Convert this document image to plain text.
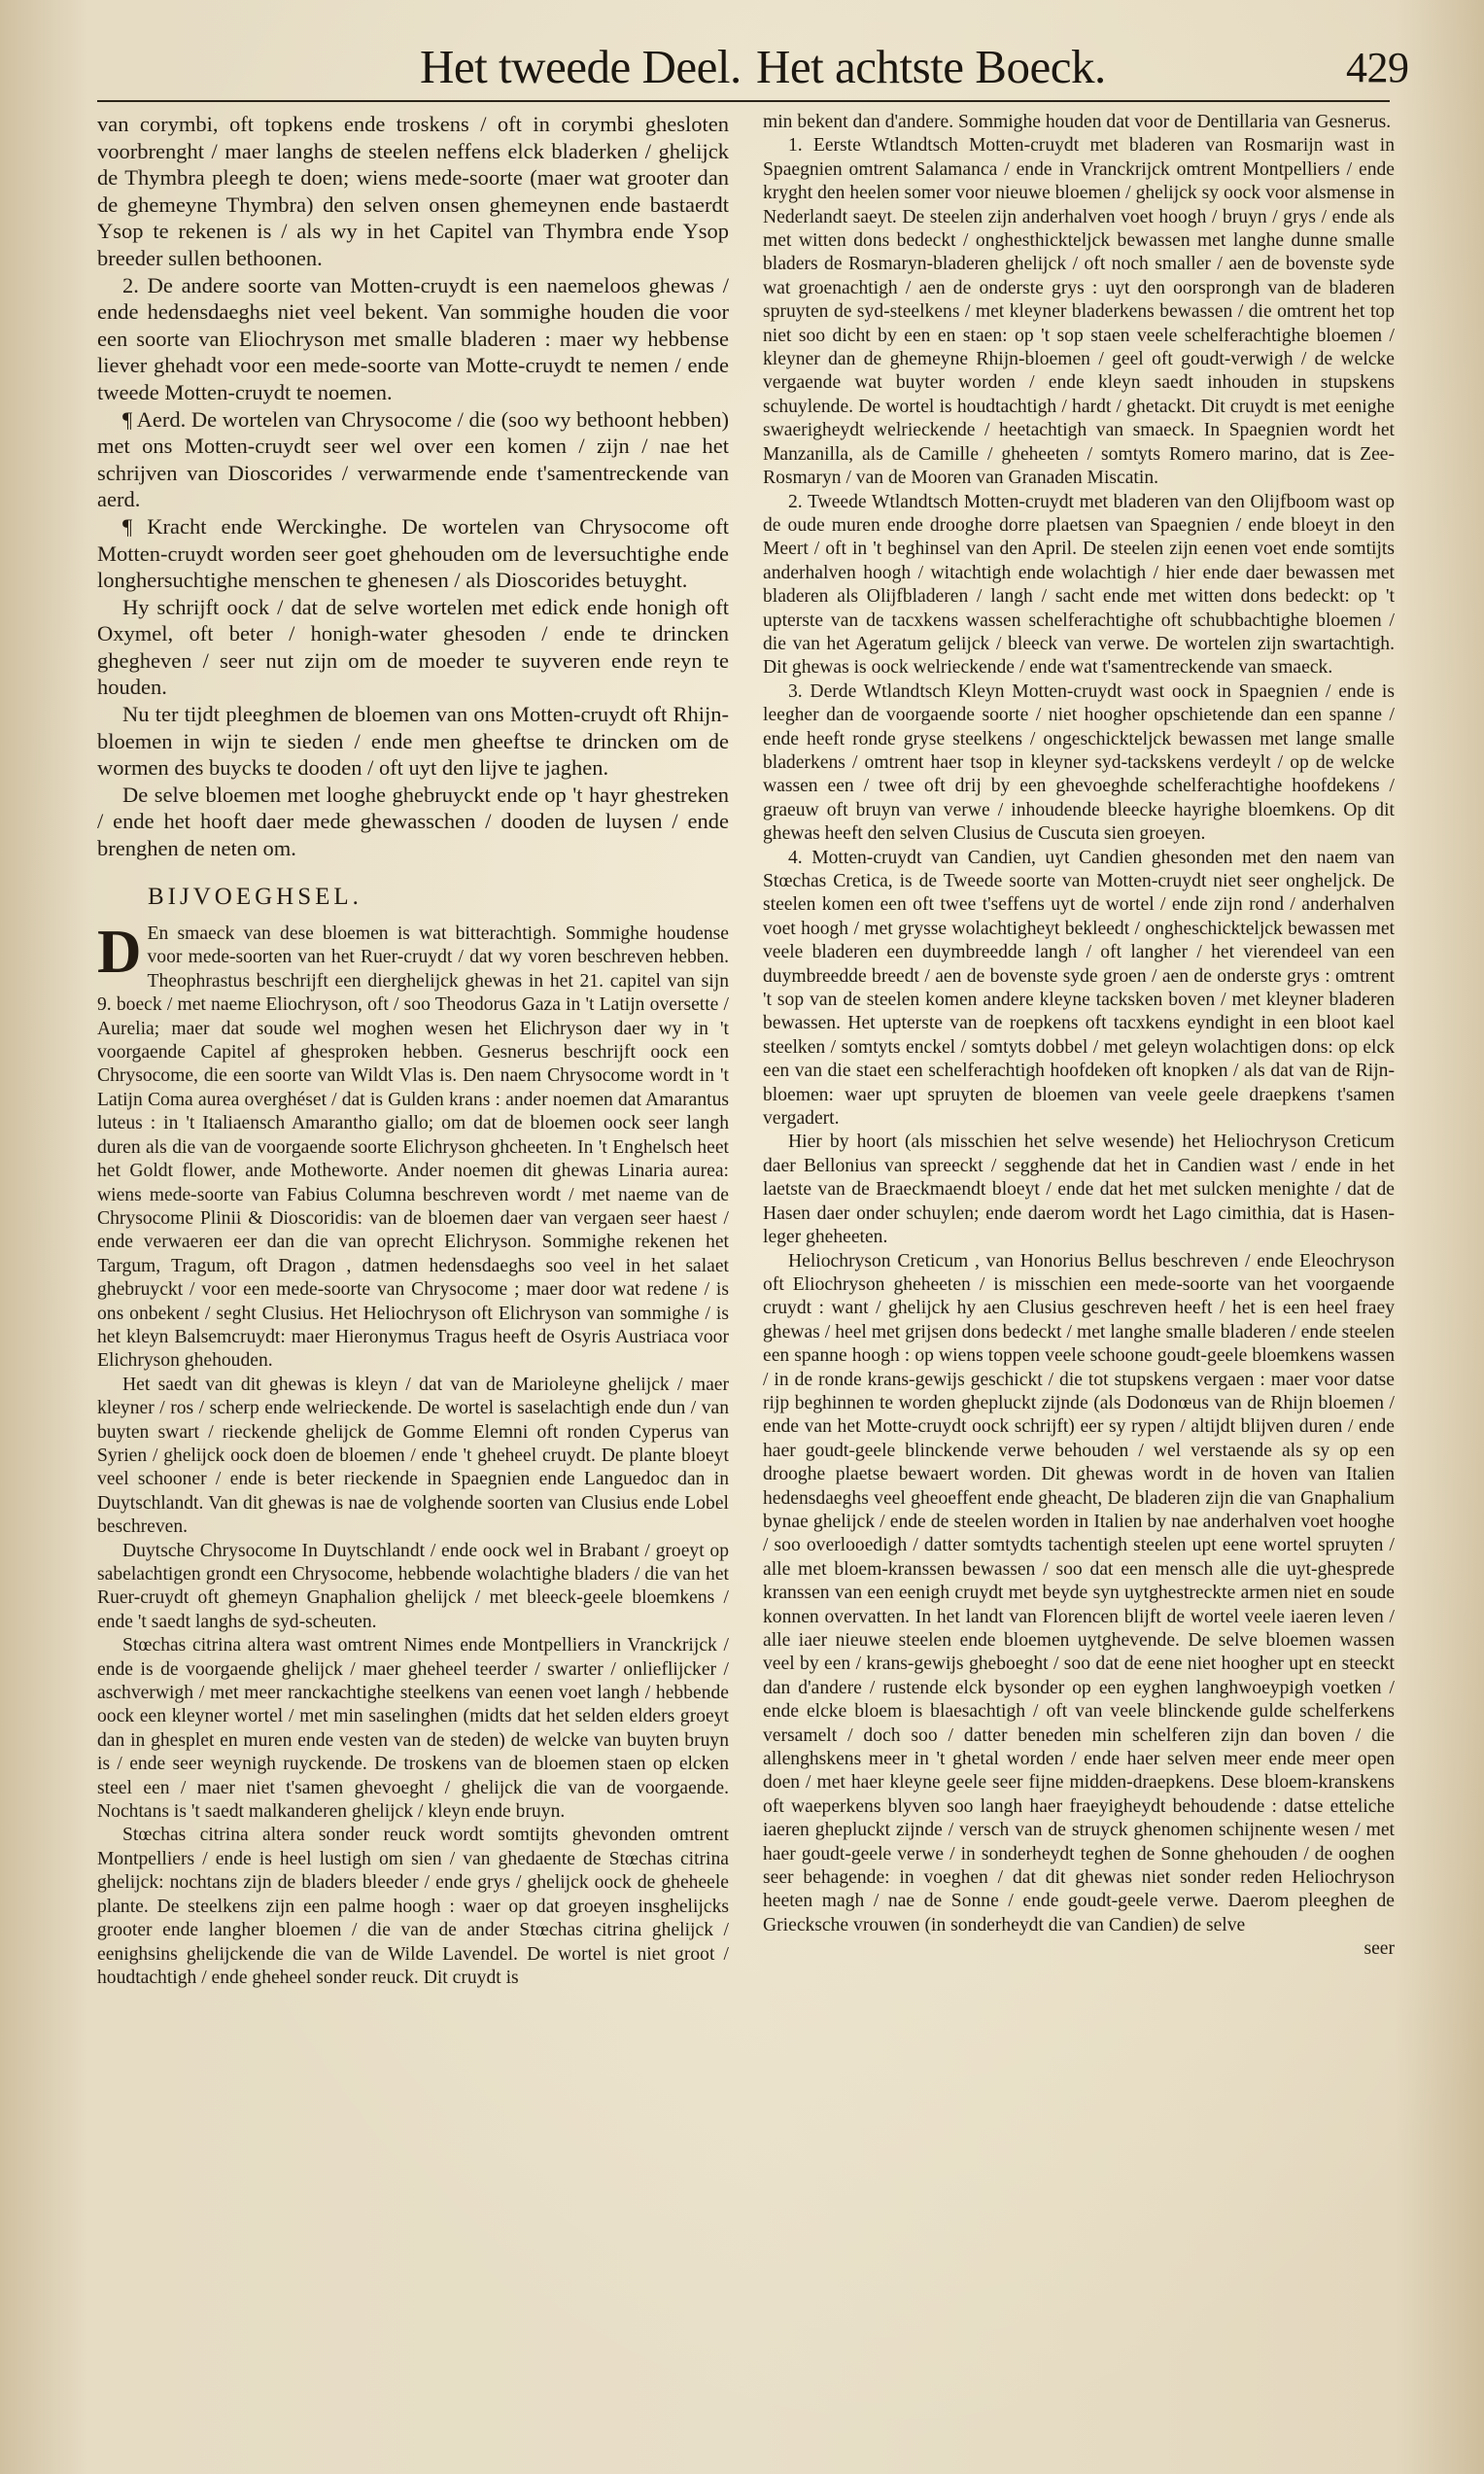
Het tweede Deel. Het achtste Boeck.	429

van corymbi, oft topkens ende troskens / oft in corymbi ghesloten voorbrenght / maer langhs de steelen neffens elck bladerken / ghelijck de Thymbra pleegh te doen; wiens mede-soorte (maer wat grooter dan de ghemeyne Thymbra) den selven onsen ghemeynen ende bastaerdt Ysop te rekenen is / als wy in het Capitel van Thymbra ende Ysop breeder sullen bethoonen.

2. De andere soorte van Motten-cruydt is een naemeloos ghewas / ende hedensdaeghs niet veel bekent. Van sommighe houden die voor een soorte van Eliochryson met smalle bladeren : maer wy hebbense liever ghehadt voor een mede-soorte van Motte-cruydt te nemen / ende tweede Motten-cruydt te noemen.

¶ Aerd. De wortelen van Chrysocome / die (soo wy bethoont hebben) met ons Motten-cruydt seer wel over een komen / zijn / nae het schrijven van Dioscorides / verwarmende ende t'samentreckende van aerd.

¶ Kracht ende Werckinghe. De wortelen van Chrysocome oft Motten-cruydt worden seer goet ghehouden om de leversuchtighe ende longhersuchtighe menschen te ghenesen / als Dioscorides betuyght.

Hy schrijft oock / dat de selve wortelen met edick ende honigh oft Oxymel, oft beter / honigh-water ghesoden / ende te drincken ghegheven / seer nut zijn om de moeder te suyveren ende reyn te houden.

Nu ter tijdt pleeghmen de bloemen van ons Motten-cruydt oft Rhijn-bloemen in wijn te sieden / ende men gheeftse te drincken om de wormen des buycks te dooden / oft uyt den lijve te jaghen.

De selve bloemen met looghe ghebruyckt ende op 't hayr ghestreken / ende het hooft daer mede ghewasschen / dooden de luysen / ende brenghen de neten om.

BIJVOEGHSEL.

D En smaeck van dese bloemen is wat bitterachtigh. Sommighe houdense voor mede-soorten van het Ruer-cruydt / dat wy voren beschreven hebben. Theophrastus beschrijft een dierghelijck ghewas in het 21. capitel van sijn 9. boeck / met naeme Eliochryson, oft / soo Theodorus Gaza in 't Latijn oversette / Aurelia; maer dat soude wel moghen wesen het Elichryson daer wy in 't voorgaende Capitel af ghesproken hebben. Gesnerus beschrijft oock een Chrysocome, die een soorte van Wildt Vlas is. Den naem Chrysocome wordt in 't Latijn Coma aurea overghéset / dat is Gulden krans : ander noemen dat Amarantus luteus : in 't Italiaensch Amarantho giallo; om dat de bloemen oock seer langh duren als die van de voorgaende soorte Elichryson ghcheeten. In 't Enghelsch heet het Goldt flower, ande Motheworte. Ander noemen dit ghewas Linaria aurea: wiens mede-soorte van Fabius Columna beschreven wordt / met naeme van de Chrysocome Plinii & Dioscoridis: van de bloemen daer van vergaen seer haest / ende verwaeren eer dan die van oprecht Elichryson. Sommighe rekenen het Targum, Tragum, oft Dragon , datmen hedensdaeghs soo veel in het salaet ghebruyckt / voor een mede-soorte van Chrysocome ; maer door wat redene / is ons onbekent / seght Clusius. Het Heliochryson oft Elichryson van sommighe / is het kleyn Balsemcruydt: maer Hieronymus Tragus heeft de Osyris Austriaca voor Elichryson ghehouden.

Het saedt van dit ghewas is kleyn / dat van de Marioleyne ghelijck / maer kleyner / ros / scherp ende welrieckende. De wortel is saselachtigh ende dun / van buyten swart / rieckende ghelijck de Gomme Elemni oft ronden Cyperus van Syrien / ghelijck oock doen de bloemen / ende 't gheheel cruydt. De plante bloeyt veel schooner / ende is beter rieckende in Spaegnien ende Languedoc dan in Duytschlandt. Van dit ghewas is nae de volghende soorten van Clusius ende Lobel beschreven.

Duytsche Chrysocome In Duytschlandt / ende oock wel in Brabant / groeyt op sabelachtigen grondt een Chrysocome, hebbende wolachtighe bladers / die van het Ruer-cruydt oft ghemeyn Gnaphalion ghelijck / met bleeck-geele bloemkens / ende 't saedt langhs de syd-scheuten.

Stœchas citrina altera wast omtrent Nimes ende Montpelliers in Vranckrijck / ende is de voorgaende ghelijck / maer gheheel teerder / swarter / onlieflijcker / aschverwigh / met meer ranckachtighe steelkens van eenen voet langh / hebbende oock een kleyner wortel / met min saselinghen (midts dat het selden elders groeyt dan in ghesplet en muren ende vesten van de steden) de welcke van buyten bruyn is / ende seer weynigh ruyckende. De troskens van de bloemen staen op elcken steel een / maer niet t'samen ghevoeght / ghelijck die van de voorgaende. Nochtans is 't saedt malkanderen ghelijck / kleyn ende bruyn.

Stœchas citrina altera sonder reuck wordt somtijts ghevonden omtrent Montpelliers / ende is heel lustigh om sien / van ghedaente de Stœchas citrina ghelijck: nochtans zijn de bladers bleeder / ende grys / ghelijck oock de gheheele plante. De steelkens zijn een palme hoogh : waer op dat groeyen insghelijcks grooter ende langher bloemen / die van de ander Stœchas citrina ghelijck / eenighsins ghelijckende die van de Wilde Lavendel. De wortel is niet groot / houdtachtigh / ende gheheel sonder reuck. Dit cruydt is

min bekent dan d'andere. Sommighe houden dat voor de Dentillaria van Gesnerus.

1. Eerste Wtlandtsch Motten-cruydt met bladeren van Rosmarijn wast in Spaegnien omtrent Salamanca / ende in Vranckrijck omtrent Montpelliers / ende kryght den heelen somer voor nieuwe bloemen / ghelijck sy oock voor alsmense in Nederlandt saeyt. De steelen zijn anderhalven voet hoogh / bruyn / grys / ende als met witten dons bedeckt / onghesthickteljck bewassen met langhe dunne smalle bladers de Rosmaryn-bladeren ghelijck / oft noch smaller / aen de bovenste syde wat groenachtigh / aen de onderste grys : uyt den oorsprongh van de bladeren spruyten de syd-steelkens / met kleyner bladerkens bewassen / die omtrent het top niet soo dicht by een en staen: op 't sop staen veele schelferachtighe bloemen / kleyner dan de ghemeyne Rhijn-bloemen / geel oft goudt-verwigh / de welcke vergaende wat buyter worden / ende kleyn saedt inhouden in stupskens schuylende. De wortel is houdtachtigh / hardt / ghetackt. Dit cruydt is met eenighe swaerigheydt welrieckende / heetachtigh van smaeck. In Spaegnien wordt het Manzanilla, als de Camille / gheheeten / somtyts Romero marino, dat is Zee-Rosmaryn / van de Mooren van Granaden Miscatin.

2. Tweede Wtlandtsch Motten-cruydt met bladeren van den Olijfboom wast op de oude muren ende drooghe dorre plaetsen van Spaegnien / ende bloeyt in den Meert / oft in 't beghinsel van den April. De steelen zijn eenen voet ende somtijts anderhalven hoogh / witachtigh ende wolachtigh / hier ende daer bewassen met bladeren als Olijfbladeren / langh / sacht ende met witten dons bedeckt: op 't upterste van de tacxkens wassen schelferachtighe oft schubbachtighe bloemen / die van het Ageratum gelijck / bleeck van verwe. De wortelen zijn swartachtigh. Dit ghewas is oock welrieckende / ende wat t'samentreckende van smaeck.

3. Derde Wtlandtsch Kleyn Motten-cruydt wast oock in Spaegnien / ende is leegher dan de voorgaende soorte / niet hoogher opschietende dan een spanne / ende heeft ronde gryse steelkens / ongeschickteljck bewassen met lange smalle bladerkens / omtrent haer tsop in kleyner syd-tackskens verdeylt / op de welcke wassen een / twee oft drij by een ghevoeghde schelferachtighe hoofdekens / graeuw oft bruyn van verwe / inhoudende bleecke hayrighe bloemkens. Op dit ghewas heeft den selven Clusius de Cuscuta sien groeyen.

4. Motten-cruydt van Candien, uyt Candien ghesonden met den naem van Stœchas Cretica, is de Tweede soorte van Motten-cruydt niet seer ongheljck. De steelen komen een oft twee t'seffens uyt de wortel / ende zijn rond / anderhalven voet hoogh / met grysse wolachtigheyt bekleedt / ongheschickteljck bewassen met veele bladeren een duymbreedde langh / oft langher / het vierendeel van een duymbreedde breedt / aen de bovenste syde groen / aen de onderste grys : omtrent 't sop van de steelen komen andere kleyne tacksken boven / met kleyner bladeren bewassen. Het upterste van de roepkens oft tacxkens eyndight in een bloot kael steelken / somtyts enckel / somtyts dobbel / met geleyn wolachtigen dons: op elck een van die staet een schelferachtigh hoofdeken oft knopken / als dat van de Rijn-bloemen: waer upt spruyten de bloemen van veele geele draepkens t'samen vergadert.

Hier by hoort (als misschien het selve wesende) het Heliochryson Creticum daer Bellonius van spreeckt / segghende dat het in Candien wast / ende in het laetste van de Braeckmaendt bloeyt / ende dat het met sulcken menighte / dat de Hasen daer onder schuylen; ende daerom wordt het Lago cimithia, dat is Hasen-leger gheheeten.

Heliochryson Creticum , van Honorius Bellus beschreven / ende Eleochryson oft Eliochryson gheheeten / is misschien een mede-soorte van het voorgaende cruydt : want / ghelijck hy aen Clusius geschreven heeft / het is een heel fraey ghewas / heel met grijsen dons bedeckt / met langhe smalle bladeren / ende steelen een spanne hoogh : op wiens toppen veele schoone goudt-geele bloemkens wassen / in de ronde krans-gewijs geschickt / die tot stupskens vergaen : maer voor datse rijp beghinnen te worden ghepluckt zijnde (als Dodonœus van de Rhijn bloemen / ende van het Motte-cruydt oock schrijft) eer sy rypen / altijdt blijven duren / ende haer goudt-geele blinckende verwe behouden / wel verstaende als sy op een drooghe plaetse bewaert worden. Dit ghewas wordt in de hoven van Italien hedensdaeghs veel gheoeffent ende gheacht, De bladeren zijn die van Gnaphalium bynae ghelijck / ende de steelen worden in Italien by nae anderhalven voet hooghe / soo overlooedigh / datter somtydts tachentigh steelen upt eene wortel spruyten / alle met bloem-kranssen bewassen / soo dat een mensch alle die uyt-ghesprede kranssen van een eenigh cruydt met beyde syn uytghestreckte armen niet en soude konnen overvatten. In het landt van Florencen blijft de wortel veele iaeren leven / alle iaer nieuwe steelen ende bloemen uytghevende. De selve bloemen wassen veel by een / krans-gewijs gheboeght / soo dat de eene niet hoogher upt en steeckt dan d'andere / rustende elck bysonder op een eyghen langhwoeypigh voetken / ende elcke bloem is blaesachtigh / oft van veele blinckende gulde schelferkens versamelt / doch soo / datter beneden min schelferen zijn dan boven / die allenghskens meer in 't ghetal worden / ende haer selven meer ende meer open doen / met haer kleyne geele seer fijne midden-draepkens. Dese bloem-kranskens oft waeperkens blyven soo langh haer fraeyigheydt behoudende : datse etteliche iaeren ghepluckt zijnde / versch van de struyck ghenomen schijnente wesen / met haer goudt-geele verwe / in sonderheydt teghen de Sonne ghehouden / de ooghen seer behagende: in voeghen / dat dit ghewas niet sonder reden Heliochryson heeten magh / nae de Sonne / ende goudt-geele verwe. Daerom pleeghen de Griecksche vrouwen (in sonderheydt die van Candien) de selve

seer
